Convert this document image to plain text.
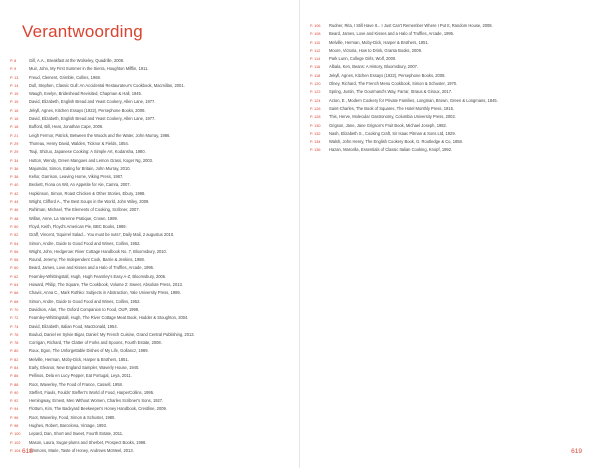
Verantwoording
P. 8	Gill, A.A., Breakfast at the Wolseley, Quadrille, 2008.
P. 9	Muir, John, My First Summer in the Sierra, Houghton Mifflin, 1911.
P. 13	Freud, Clement, Grimble, Collins, 1968.
P. 14	Dull, Stephen, Classic Gull: An Accidental Restaurateur's Cookbook, Macmillan, 2001.
P. 15	Waugh, Evelyn, Brideshead Revisited, Chapman & Hall, 1945.
P. 15	David, Elizabeth, English Bread and Yeast Cookery, Allen Lane, 1977.
P. 16	Jekyll, Agnes, Kitchen Essays (1922), Persephone Books, 2008.
P. 16	David, Elizabeth, English Bread and Yeast Cookery, Allen Lane, 1977.
P. 18	Bufford, Bill, Heat, Jonathan Cape, 2006.
P. 21	Leigh Fermor, Patrick, Between the Woods and the Water, John Murray, 1986.
P. 29	Thoreau, Henry David, Walden, Ticknor & Fields, 1854.
P. 29	Tsuji, Shizuo, Japanese Cooking: A Simple Art, Kodansha, 1980.
P. 34	Hutton, Wendy, Green Mangoes and Lemon Grass, Koger Ng, 2003.
P. 36	Majumdar, Simon, Eating for Britain, John Murray, 2010.
P. 38	Kellor, Garrison, Leaving Home, Viking Press, 1987.
P. 40	Beckett, Fiona on Wit, An Appetite for Ale, Camra, 2007.
P. 42	Hopkinson, Simon, Roast Chicken & Other Stories, Ebury, 1998.
P. 44	Wright, Clifford A., The Best Soups in the World, John Wiley, 2009.
P. 46	Ruhlman, Michael, The Elements of Cooking, Scribner, 2007.
P. 48	Willan, Anne, La Varenne Pratique, Crown, 1989.
P. 50	Floyd, Keith, Floyd's American Pie, BBC Books, 1989.
P. 52	Graff, Vincent, 'Squirrel Salad... You must be nuts!', Daily Mail, 2 augustus 2010.
P. 54	Simon, Andre, Guide to Good Food and Wines, Collins, 1952.
P. 56	Wright, John, Hedgerow: River Cottage Handbook No. 7, Bloomsbury, 2010.
P. 58	Round, Jeremy, The Independent Cook, Barrie & Jenkins, 1988.
P. 60	Beard, James, Love and Kisses and a Halo of Truffles, Arcade, 1995.
P. 62	Fearnley-Whittingstall, Hugh, Hugh Fearnley's Easy A-Z, Bloomsbury, 2006.
P. 64	Howard, Philip, The Square, The Cookbook, Volume 2: Sweet, Absolute Press, 2013.
P. 66	Chavis, Anna C., Mark Rothko: Subjects in Abstraction, Yale University Press, 1989.
P. 68	Simon, Andre, Guide to Good Food and Wines, Collins, 1952.
P. 70	Davidson, Alan, The Oxford Companion to Food, OUP, 1999.
P. 72	Fearnley-Whittingstall, Hugh, The River Cottage Meat Book, Hodder & Stoughton, 2004.
P. 74	David, Elizabeth, Italian Food, MacDonald, 1954.
P. 76	Boulud, Daniel en Sylvie Bigar, Daniel: My French Cuisine, Grand Central Publishing, 2013.
P. 78	Corrigan, Richard, The Clatter of Forks and Spoons, Fourth Estate, 2008.
P. 80	Roux, Egon, The Unforgettable Dishes of My Life, Gollancz, 1989.
P. 82	Melville, Herman, Moby-Dick, Harper & Brothers, 1851.
P. 84	Early, Eleanor, New England Sampler, Waverly House, 1940.
P. 86	Pellinos, Dela en Lucy Pepper, Eat Portugal, Leya, 2011.
P. 88	Root, Waverley, The Food of France, Cassell, 1958.
P. 90	Steffert, Fiauls, Foulds' Steffert's World of Food, HarperCollins, 1995.
P. 92	Hemingway, Ernest, Men Without Women, Charles Scribner's Sons, 1927.
P. 94	Flottum, Kim, The Backyard Beekeeper's Honey Handbook, Crestline, 2009.
P. 96	Root, Waverley, Food, Simon & Schuster, 1980.
P. 98	Hughes, Robert, Barcelona, Vintage, 1993.
P. 100	Lepard, Dan, Short and Sweet, Fourth Estate, 2011.
P. 102	Mason, Laura, Sugar-plums and Sherbet, Prospect Books, 1998.
P. 104	Simmons, Marie, Taste of Honey, Andrews McMeel, 2013.
P. 106	Rudner, Rita, I Still Have It... I Just Can't Remember Where I Put It, Random House, 2008.
P. 108	Beard, James, Love and Kisses and a Halo of Truffles, Arcade, 1995.
P. 110	Melville, Herman, Moby-Dick, Harper & Brothers, 1851.
P. 112	Moore, Victoria, How to Drink, Granta Books, 2009.
P. 114	Park Lunn, College Girls, Wolf, 2000.
P. 116	Albala, Ken, Beans: A History, Bloomsbury, 2007.
P. 118	Jekyll, Agnes, Kitchen Essays (1922), Persephone Books, 2008.
P. 120	Olney, Richard, The French Menu Cookbook, Simon & Schuster, 1970.
P. 122	Spring, Justin, The Gourmand's Way, Farrar, Straus & Giroux, 2017.
P. 124	Acton, E., Modern Cookery for Private Families, Longman, Brown, Green & Longmans, 1845.
P. 126	Saint-Charles, The Book of Squares, The Hotel Monthly Press, 1915.
P. 128	This, Herve, Molecular Gastronomy, Columbia University Press, 2002.
P. 130	Grigson, Jane, Jane Grigson's Fruit Book, Michael Joseph, 1982.
P. 132	Nash, Elizabeth S., Cooking Craft, Sir Isaac Pitman & Sons Ltd, 1929.
P. 134	Walsh, John Henry, The English Cookery Book, G. Routledge & Co, 1858.
P. 136	Hazan, Marcella, Essentials of Classic Italian Cooking, Knopf, 1992.
618	619
